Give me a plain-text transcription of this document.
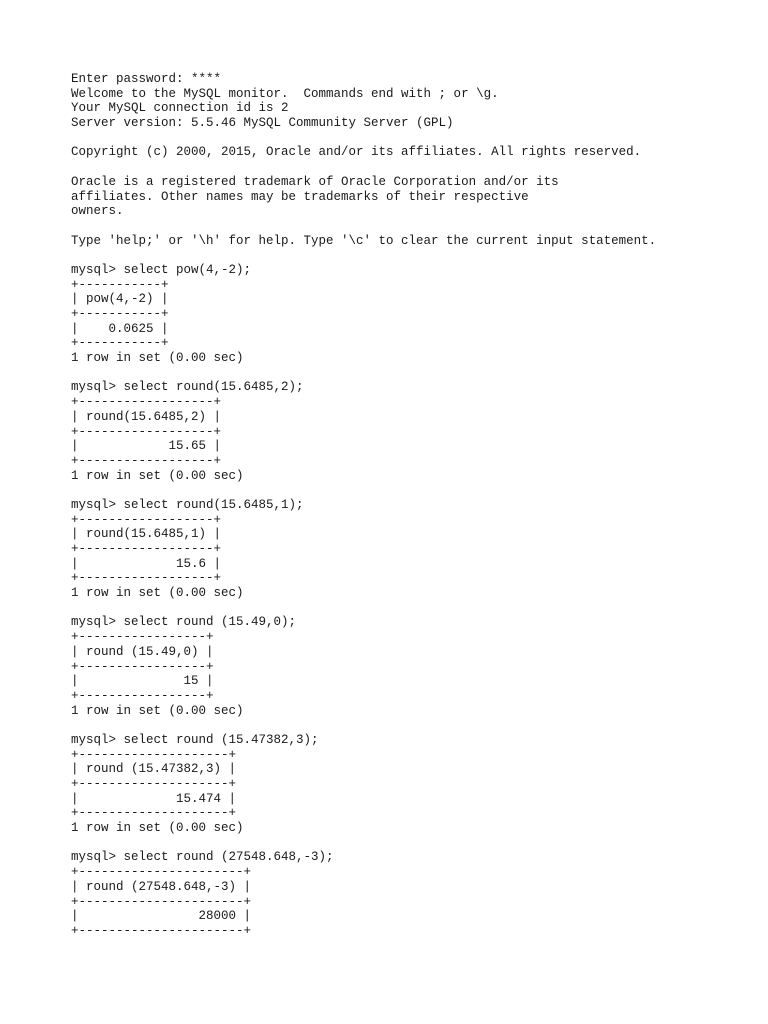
Enter password: ****
Welcome to the MySQL monitor.  Commands end with ; or \g.
Your MySQL connection id is 2
Server version: 5.5.46 MySQL Community Server (GPL)
Copyright (c) 2000, 2015, Oracle and/or its affiliates. All rights reserved.
Oracle is a registered trademark of Oracle Corporation and/or its
affiliates. Other names may be trademarks of their respective
owners.
Type 'help;' or '\h' for help. Type '\c' to clear the current input statement.
mysql> select pow(4,-2);
+-----------+
| pow(4,-2) |
+-----------+
|    0.0625 |
+-----------+
1 row in set (0.00 sec)
mysql> select round(15.6485,2);
+------------------+
| round(15.6485,2) |
+------------------+
|            15.65 |
+------------------+
1 row in set (0.00 sec)
mysql> select round(15.6485,1);
+------------------+
| round(15.6485,1) |
+------------------+
|             15.6 |
+------------------+
1 row in set (0.00 sec)
mysql> select round (15.49,0);
+-----------------+
| round (15.49,0) |
+-----------------+
|              15 |
+-----------------+
1 row in set (0.00 sec)
mysql> select round (15.47382,3);
+--------------------+
| round (15.47382,3) |
+--------------------+
|             15.474 |
+--------------------+
1 row in set (0.00 sec)
mysql> select round (27548.648,-3);
+----------------------+
| round (27548.648,-3) |
+----------------------+
|                28000 |
+----------------------+
